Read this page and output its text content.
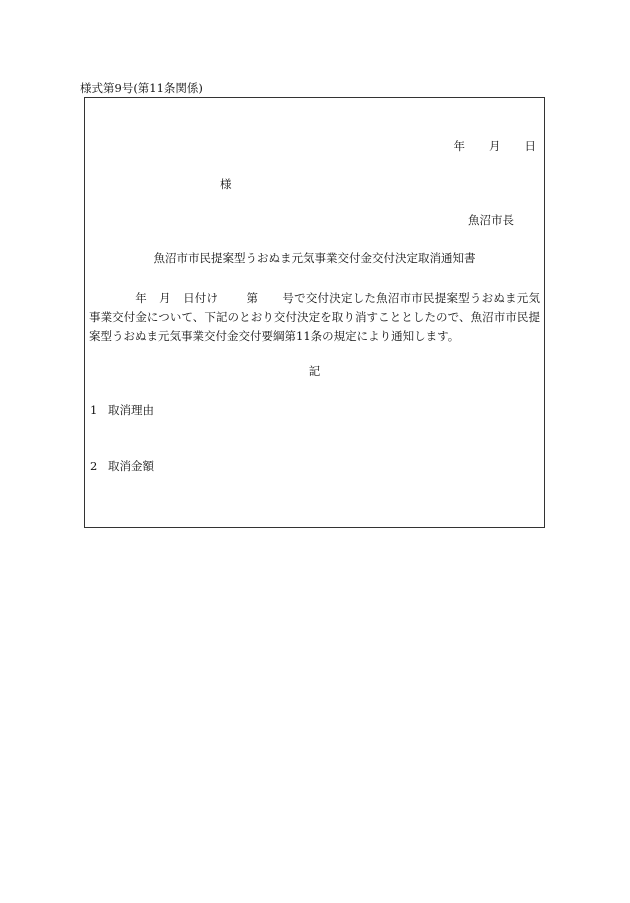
様式第9号(第11条関係)
年 月 日
様
魚沼市長
魚沼市市民提案型うおぬま元気事業交付金交付決定取消通知書
年 月 日付け 第 号で交付決定した魚沼市市民提案型うおぬま元気事業交付金について、下記のとおり交付決定を取り消すこととしたので、魚沼市市民提案型うおぬま元気事業交付金交付要綱第11条の規定により通知します。
記
1 取消理由
2 取消金額
